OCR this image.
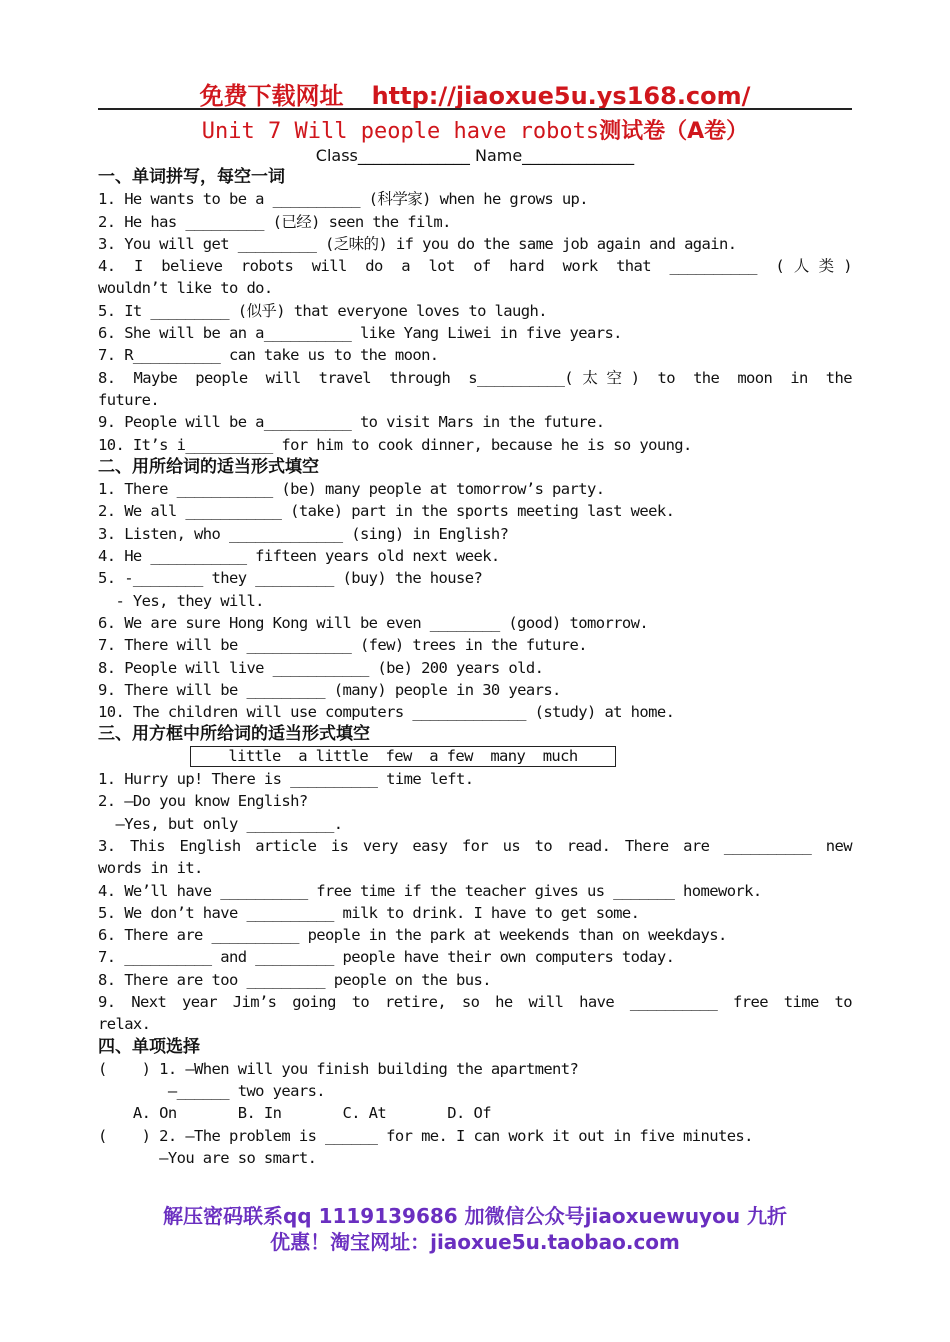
免费下载网址 http://jiaoxue5u.ys168.com/
Unit 7 Will people have robots测试卷（A卷）
Class______________ Name______________
一、单词拼写，每空一词
1. He wants to be a __________ (科学家) when he grows up.
2. He has _________ (已经) seen the film.
3. You will get _________ (乏味的) if you do the same job again and again.
4. I believe robots will do a lot of hard work that __________ (人类)
wouldn’t like to do.
5. It _________ (似乎) that everyone loves to laugh.
6. She will be an a__________ like Yang Liwei in five years.
7. R__________ can take us to the moon.
8. Maybe people will travel through s__________(太空) to the moon in the
future.
9. People will be a__________ to visit Mars in the future.
10. It’s i__________ for him to cook dinner, because he is so young.
二、用所给词的适当形式填空
1. There ___________ (be) many people at tomorrow’s party.
2. We all ___________ (take) part in the sports meeting last week.
3. Listen, who _____________ (sing) in English?
4. He ___________ fifteen years old next week.
5. -________ they _________ (buy) the house?
- Yes, they will.
6. We are sure Hong Kong will be even ________ (good) tomorrow.
7. There will be ____________ (few) trees in the future.
8. People will live ___________ (be) 200 years old.
9. There will be _________ (many) people in 30 years.
10. The children will use computers _____________ (study) at home.
三、用方框中所给词的适当形式填空
little  a little  few  a few  many  much
1. Hurry up! There is __________ time left.
2. –Do you know English?
–Yes, but only __________.
3. This English article is very easy for us to read. There are __________ new
words in it.
4. We’ll have __________ free time if the teacher gives us _______ homework.
5. We don’t have __________ milk to drink. I have to get some.
6. There are __________ people in the park at weekends than on weekdays.
7. __________ and _________ people have their own computers today.
8. There are too _________ people on the bus.
9. Next year Jim’s going to retire, so he will have __________ free time to
relax.
四、单项选择
(    ) 1. –When will you finish building the apartment?
–______ two years.
A. On       B. In       C. At       D. Of
(    ) 2. –The problem is ______ for me. I can work it out in five minutes.
–You are so smart.
解压密码联系qq 1119139686 加微信公众号jiaoxuewuyou 九折
优惠！淘宝网址：jiaoxue5u.taobao.com
